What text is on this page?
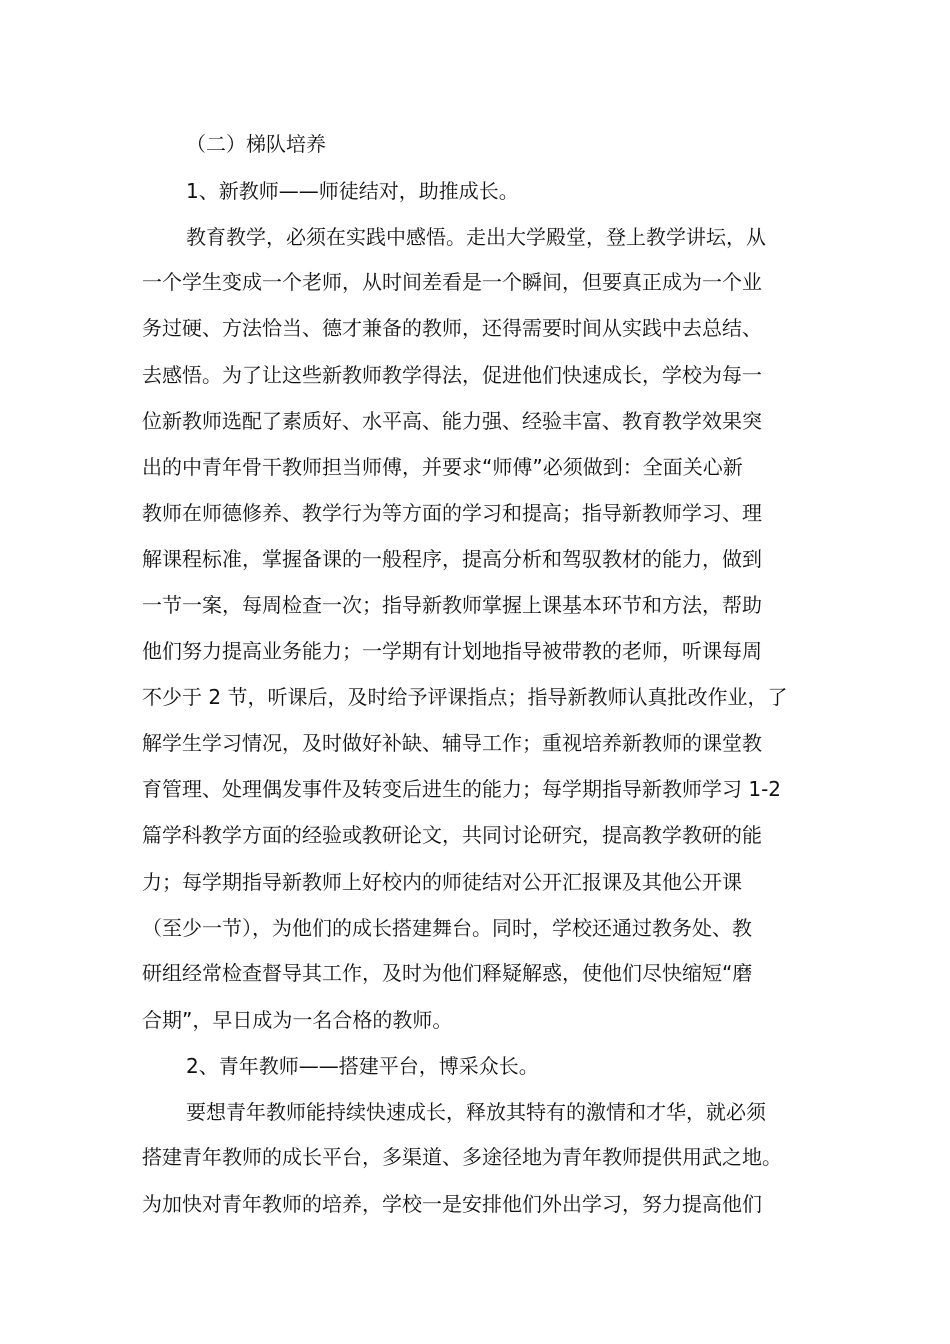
（二）梯队培养
1、新教师——师徒结对，助推成长。
教育教学，必须在实践中感悟。走出大学殿堂，登上教学讲坛，从
一个学生变成一个老师，从时间差看是一个瞬间，但要真正成为一个业
务过硬、方法恰当、德才兼备的教师，还得需要时间从实践中去总结、
去感悟。为了让这些新教师教学得法，促进他们快速成长，学校为每一
位新教师选配了素质好、水平高、能力强、经验丰富、教育教学效果突
出的中青年骨干教师担当师傅，并要求“师傅”必须做到：全面关心新
教师在师德修养、教学行为等方面的学习和提高；指导新教师学习、理
解课程标准，掌握备课的一般程序，提高分析和驾驭教材的能力，做到
一节一案，每周检查一次；指导新教师掌握上课基本环节和方法，帮助
他们努力提高业务能力；一学期有计划地指导被带教的老师，听课每周
不少于 2 节，听课后，及时给予评课指点；指导新教师认真批改作业，了
解学生学习情况，及时做好补缺、辅导工作；重视培养新教师的课堂教
育管理、处理偶发事件及转变后进生的能力；每学期指导新教师学习 1-2
篇学科教学方面的经验或教研论文，共同讨论研究，提高教学教研的能
力；每学期指导新教师上好校内的师徒结对公开汇报课及其他公开课
（至少一节），为他们的成长搭建舞台。同时，学校还通过教务处、教
研组经常检查督导其工作，及时为他们释疑解惑，使他们尽快缩短“磨
合期”，早日成为一名合格的教师。
2、青年教师——搭建平台，博采众长。
要想青年教师能持续快速成长，释放其特有的激情和才华，就必须
搭建青年教师的成长平台，多渠道、多途径地为青年教师提供用武之地。
为加快对青年教师的培养，学校一是安排他们外出学习，努力提高他们
